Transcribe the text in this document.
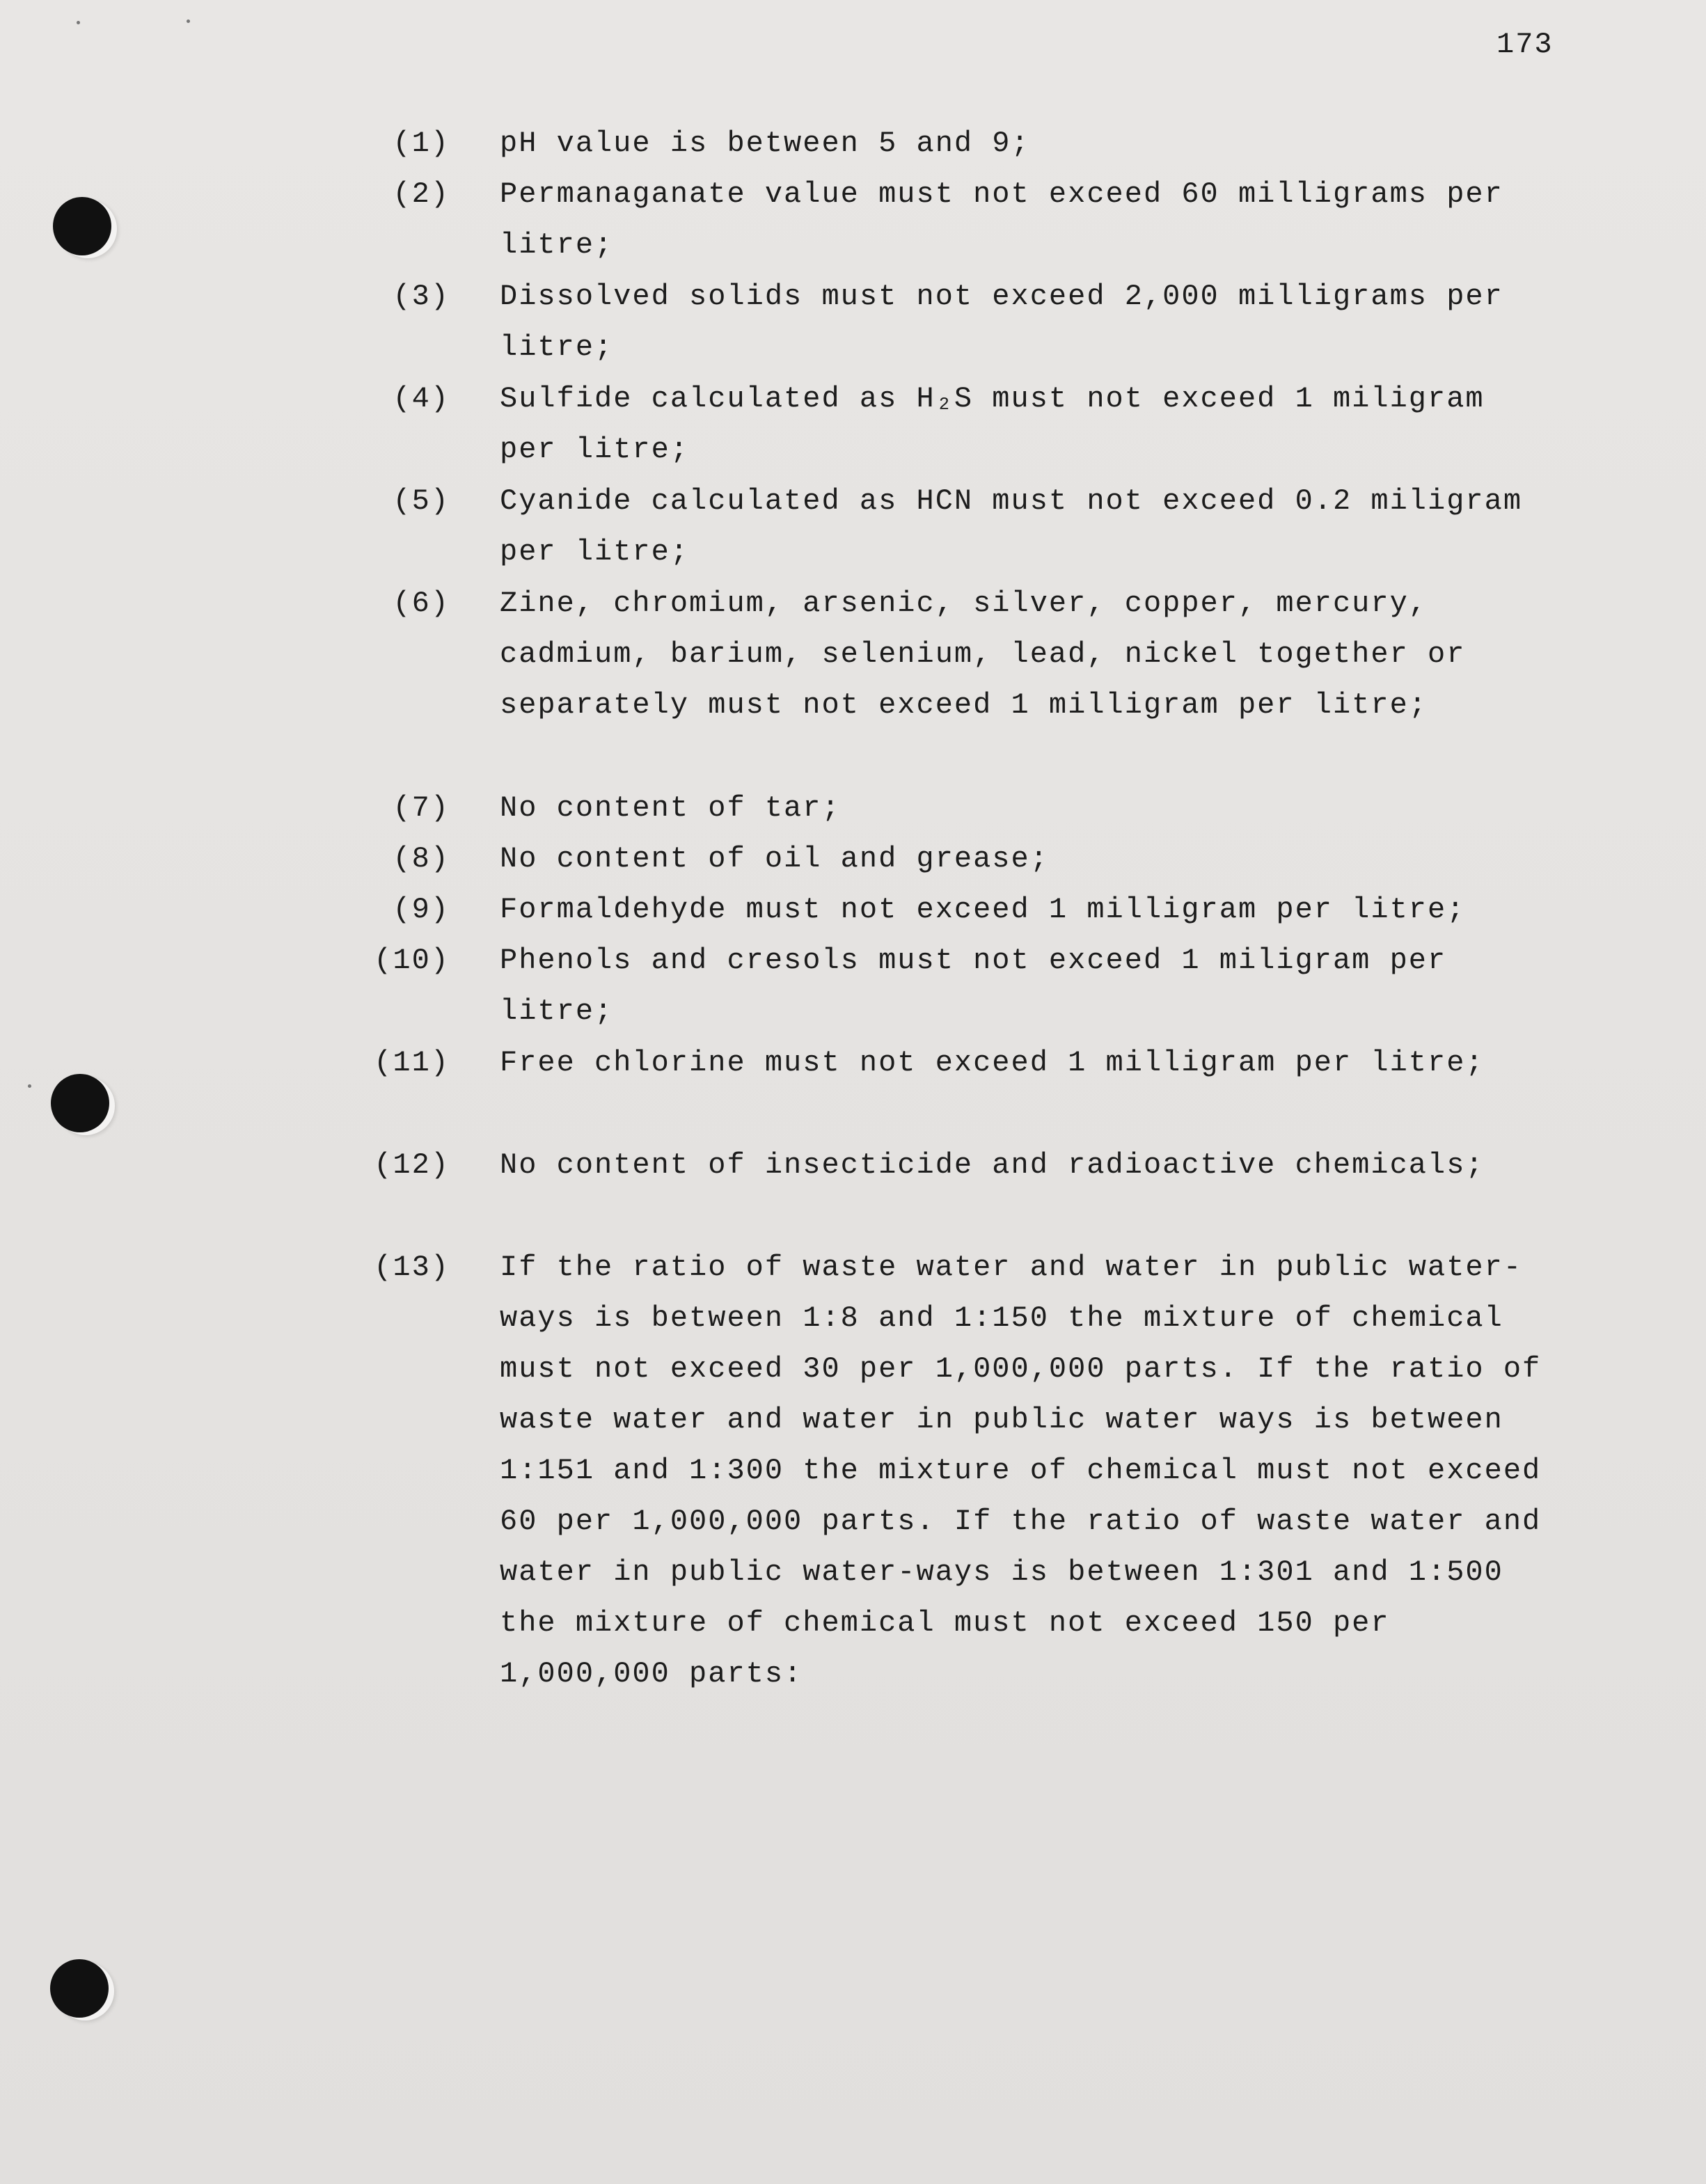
173
(1) pH value is between 5 and 9;
(2) Permanaganate value must not exceed 60 milligrams per litre;
(3) Dissolved solids must not exceed 2,000 milligrams per litre;
(4) Sulfide calculated as H₂S must not exceed 1 miligram per litre;
(5) Cyanide calculated as HCN must not exceed 0.2 miligram per litre;
(6) Zine, chromium, arsenic, silver, copper, mercury, cadmium, barium, selenium, lead, nickel together or separately must not exceed 1 milligram per litre;
(7) No content of tar;
(8) No content of oil and grease;
(9) Formaldehyde must not exceed 1 milligram per litre;
(10) Phenols and cresols must not exceed 1 miligram per litre;
(11) Free chlorine must not exceed 1 milligram per litre;
(12) No content of insecticide and radioactive chemicals;
(13) If the ratio of waste water and water in public water-ways is between 1:8 and 1:150 the mixture of chemical must not exceed 30 per 1,000,000 parts. If the ratio of waste water and water in public water ways is between 1:151 and 1:300 the mixture of chemical must not exceed 60 per 1,000,000 parts. If the ratio of waste water and water in public water-ways is between 1:301 and 1:500 the mixture of chemical must not exceed 150 per 1,000,000 parts:
